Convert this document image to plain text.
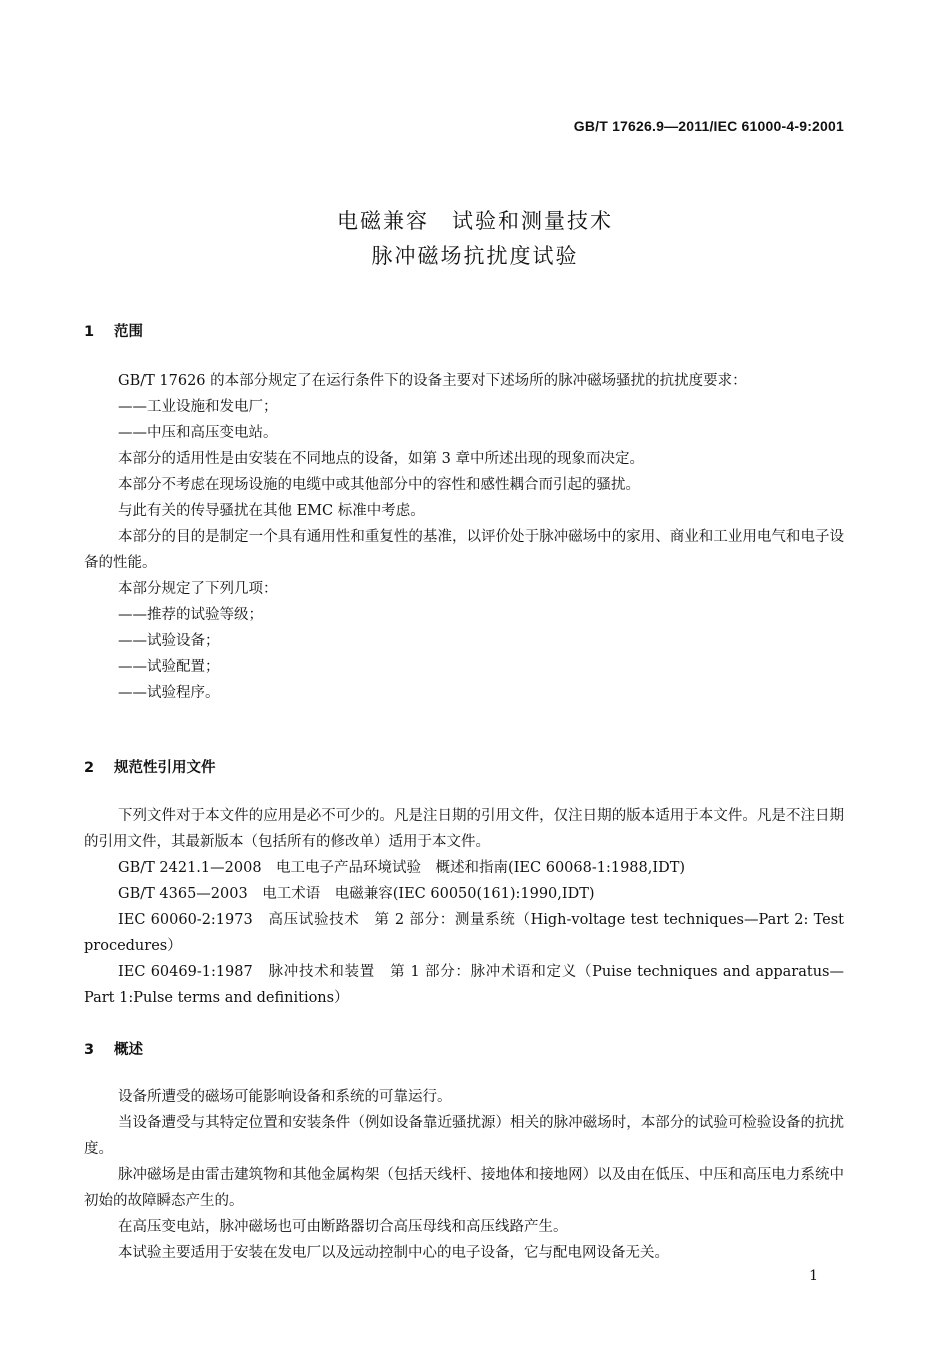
GB/T 17626.9—2011/IEC 61000-4-9:2001
电磁兼容　试验和测量技术
脉冲磁场抗扰度试验
1 范围

GB/T 17626 的本部分规定了在运行条件下的设备主要对下述场所的脉冲磁场骚扰的抗扰度要求：

——工业设施和发电厂；

——中压和高压变电站。

本部分的适用性是由安装在不同地点的设备，如第 3 章中所述出现的现象而决定。

本部分不考虑在现场设施的电缆中或其他部分中的容性和感性耦合而引起的骚扰。

与此有关的传导骚扰在其他 EMC 标准中考虑。

本部分的目的是制定一个具有通用性和重复性的基准，以评价处于脉冲磁场中的家用、商业和工业用电气和电子设备的性能。

本部分规定了下列几项：

——推荐的试验等级；

——试验设备；

——试验配置；

——试验程序。

2 规范性引用文件

下列文件对于本文件的应用是必不可少的。凡是注日期的引用文件，仅注日期的版本适用于本文件。凡是不注日期的引用文件，其最新版本（包括所有的修改单）适用于本文件。

GB/T 2421.1—2008　电工电子产品环境试验　概述和指南(IEC 60068-1:1988,IDT)

GB/T 4365—2003　电工术语　电磁兼容(IEC 60050(161):1990,IDT)

IEC 60060-2:1973　高压试验技术　第 2 部分：测量系统（High-voltage test techniques—Part 2: Test procedures）

IEC 60469-1:1987　脉冲技术和装置　第 1 部分：脉冲术语和定义（Puise techniques and apparatus—Part 1:Pulse terms and definitions）

3 概述

设备所遭受的磁场可能影响设备和系统的可靠运行。

当设备遭受与其特定位置和安装条件（例如设备靠近骚扰源）相关的脉冲磁场时，本部分的试验可检验设备的抗扰度。

脉冲磁场是由雷击建筑物和其他金属构架（包括天线杆、接地体和接地网）以及由在低压、中压和高压电力系统中初始的故障瞬态产生的。

在高压变电站，脉冲磁场也可由断路器切合高压母线和高压线路产生。

本试验主要适用于安装在发电厂以及远动控制中心的电子设备，它与配电网设备无关。

1
